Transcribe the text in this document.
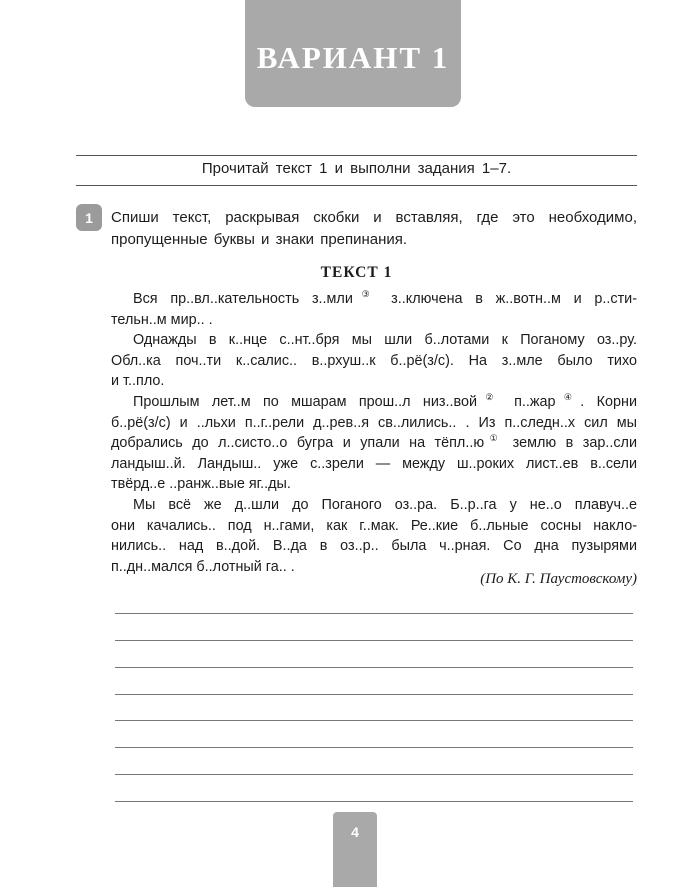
ВАРИАНТ 1
Прочитай текст 1 и выполни задания 1–7.
1	Спиши текст, раскрывая скобки и вставляя, где это необходимо,
пропущенные буквы и знаки препинания.
ТЕКСТ 1
Вся пр..вл..кательность з..мли③ з..ключена в ж..вотн..м и р..сти-
тельн..м мир.. .
Однажды в к..нце с..нт..бря мы шли б..лотами к Поганому оз..ру.
Обл..ка поч..ти к..салис.. в..рхуш..к б..рё(з/с). На з..мле было тихо
и т..пло.
Прошлым лет..м по мшарам прош..л низ..вой② п..жар④. Корни
б..рё(з/с) и ..льхи п..г..рели д..рев..я св..лились.. . Из п..следн..х сил мы
добрались до л..систо..о бугра и упали на тёпл..ю① землю в зар..сли
ландыш..й. Ландыш.. уже с..зрели — между ш..роких лист..ев в..сели
твёрд..е ..ранж..вые яг..ды.
Мы всё же д..шли до Поганого оз..ра. Б..р..га у не..о плавуч..е
они качались.. под н..гами, как г..мак. Ре..кие б..льные сосны накло-
нились.. над в..дой. В..да в оз..р.. была ч..рная. Со дна пузырями
п..дн..мался б..лотный га.. .
(По К. Г. Паустовскому)
4
